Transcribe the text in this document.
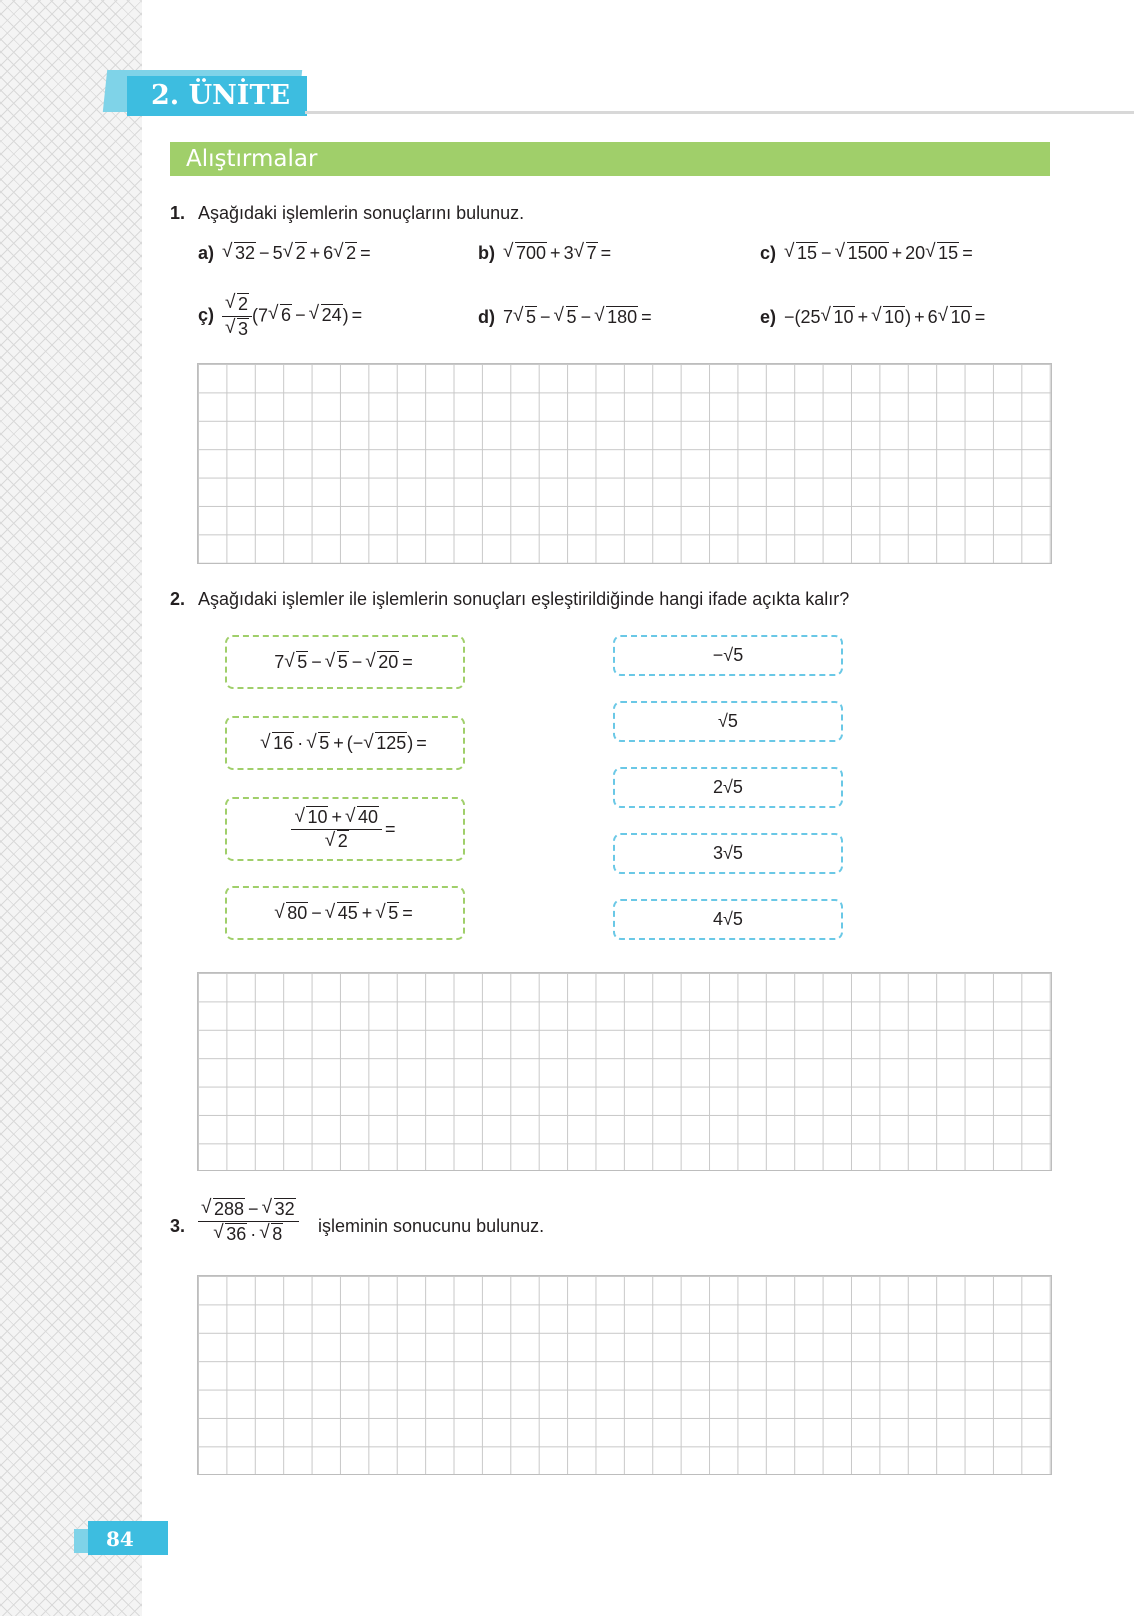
2. ÜNİTE
Alıştırmalar
1. Aşağıdaki işlemlerin sonuçlarını bulunuz.
a) √ 32 − 5 √ 2 + 6 √ 2 =	b) √ 700 + 3 √ 7 =	c) √ 15 − √ 1500 + 20 √ 15 =
ç) √ 2
√ 3 (7 √ 6 − √ 24) =	d) 7 √ 5 − √ 5 − √ 180 =	e) −(25 √ 10 + √ 10) + 6 √ 10 =
2. Aşağıdaki işlemler ile işlemlerin sonuçları eşleştirildiğinde hangi ifade açıkta kalır?
7 √ 5 − √ 5 − √ 20 =
√ 16 · √ 5 + (− √ 125 ) =
√ 10 + √ 40
√ 2 =
√ 80 − √ 45 + √ 5 =
−√5
√5
2√5
3√5
4√5
3. √ 288 − √ 32
√ 36 · √ 8 işleminin sonucunu bulunuz.
84
